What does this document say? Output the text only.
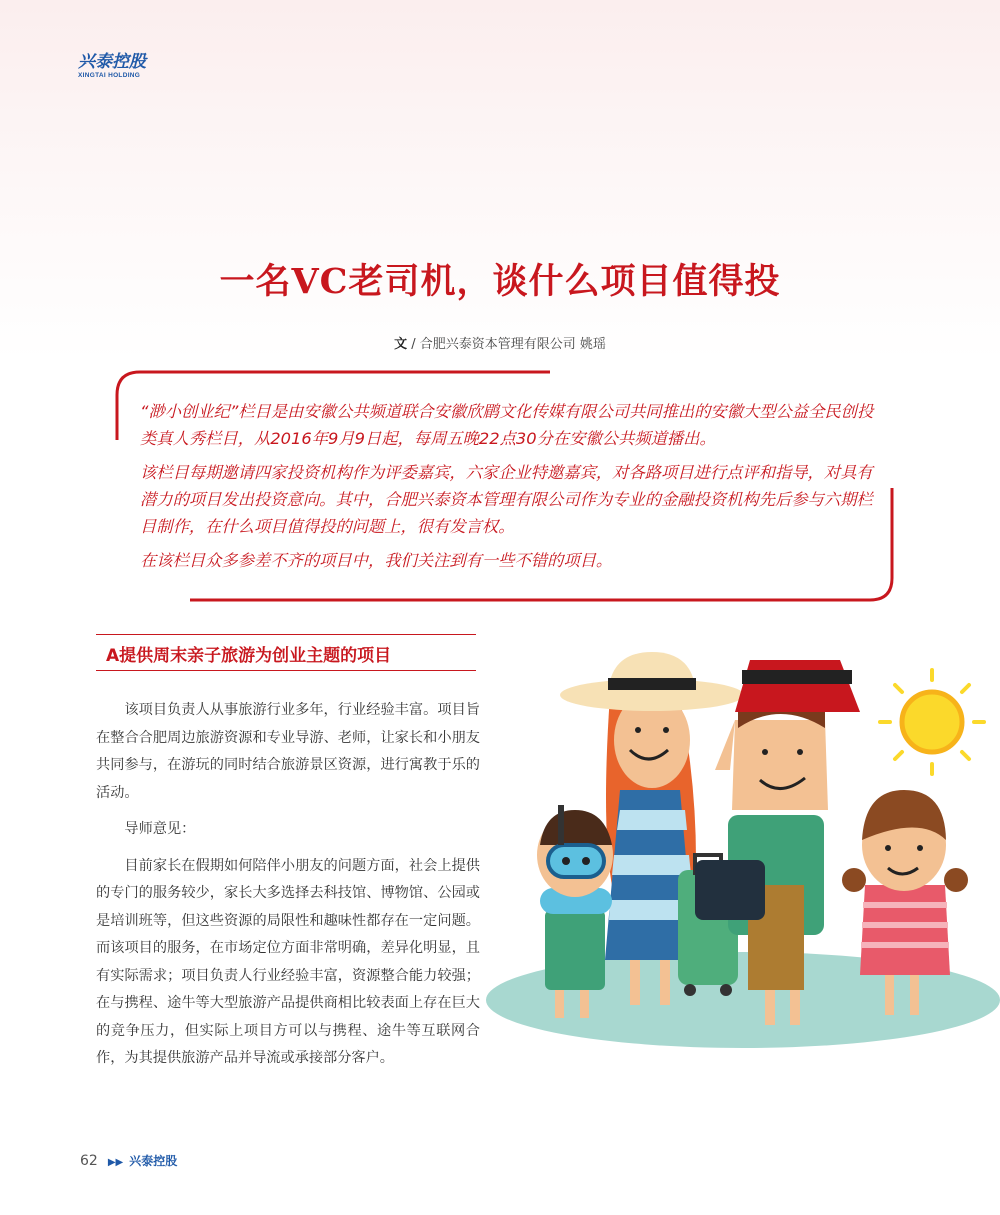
兴泰控股
XINGTAI HOLDING
一名VC老司机，谈什么项目值得投
文 / 合肥兴泰资本管理有限公司 姚瑶

“渺小创业纪”栏目是由安徽公共频道联合安徽欣鹛文化传媒有限公司共同推出的安徽大型公益全民创投类真人秀栏目，从2016年9月9日起，每周五晚22点30分在安徽公共频道播出。

该栏目每期邀请四家投资机构作为评委嘉宾，六家企业特邀嘉宾，对各路项目进行点评和指导，对具有潜力的项目发出投资意向。其中，合肥兴泰资本管理有限公司作为专业的金融投资机构先后参与六期栏目制作，在什么项目值得投的问题上，很有发言权。

在该栏目众多参差不齐的项目中，我们关注到有一些不错的项目。

A提供周末亲子旅游为创业主题的项目

该项目负责人从事旅游行业多年，行业经验丰富。项目旨在整合合肥周边旅游资源和专业导游、老师，让家长和小朋友共同参与，在游玩的同时结合旅游景区资源，进行寓教于乐的活动。

导师意见：

目前家长在假期如何陪伴小朋友的问题方面，社会上提供的专门的服务较少，家长大多选择去科技馆、博物馆、公园或是培训班等，但这些资源的局限性和趣味性都存在一定问题。而该项目的服务，在市场定位方面非常明确，差异化明显，且有实际需求；项目负责人行业经验丰富，资源整合能力较强；在与携程、途牛等大型旅游产品提供商相比较表面上存在巨大的竞争压力，但实际上项目方可以与携程、途牛等互联网合作，为其提供旅游产品并导流或承接部分客户。

62 ▶▶ 兴泰控股
